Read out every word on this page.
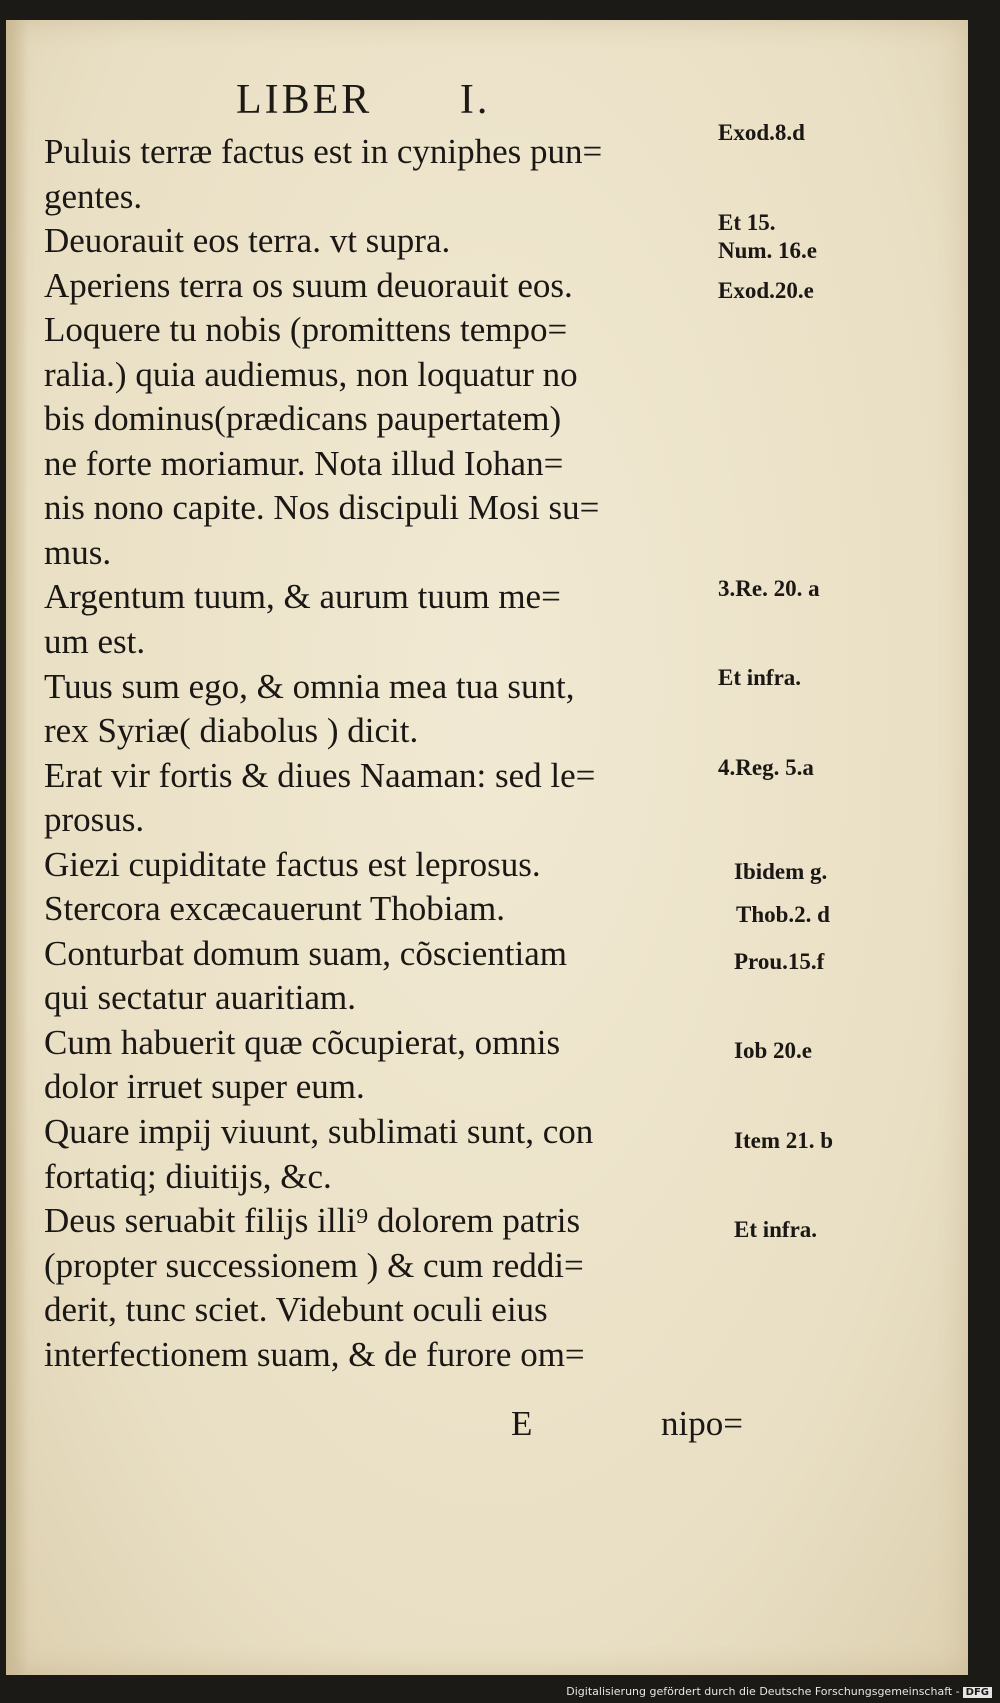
LIBER I.
Puluis terræ factus est in cyniphes pun=
gentes.
Deuorauit eos terra. vt supra.
Aperiens terra os suum deuorauit eos.
Loquere tu nobis (promittens tempo=
ralia.) quia audiemus, non loquatur no
bis dominus(prædicans paupertatem)
ne forte moriamur. Nota illud Iohan=
nis nono capite. Nos discipuli Mosi su=
mus.
Argentum tuum, & aurum tuum me=
um est.
Tuus sum ego, & omnia mea tua sunt,
rex Syriæ( diabolus ) dicit.
Erat vir fortis & diues Naaman: sed le=
prosus.
Giezi cupiditate factus est leprosus.
Stercora excæcauerunt Thobiam.
Conturbat domum suam, cõscientiam
qui sectatur auaritiam.
Cum habuerit quæ cõcupierat, omnis
dolor irruet super eum.
Quare impij viuunt, sublimati sunt, con
fortatiq; diuitijs, &c.
Deus seruabit filijs illi⁹ dolorem patris
(propter successionem ) & cum reddi=
derit, tunc sciet. Videbunt oculi eius
interfectionem suam, & de furore om=
E	nipo=
Exod.8.d
Et 15.
Num. 16.e
Exod.20.e
3.Re. 20. a
Et infra.
4.Reg. 5.a
Ibidem g.
Thob.2. d
Prou.15.f
Iob 20.e
Item 21. b
Et infra.
Digitalisierung gefördert durch die Deutsche Forschungsgemeinschaft - DFG
